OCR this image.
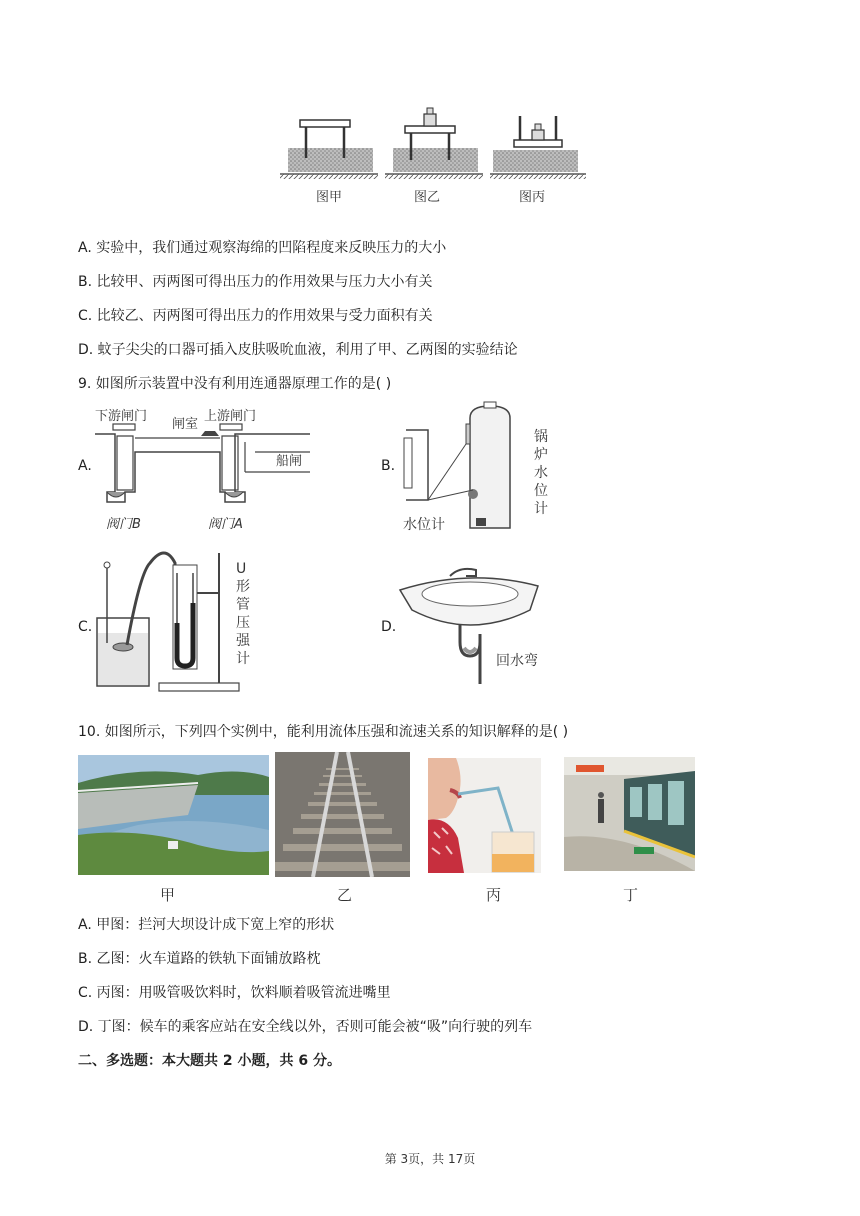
图甲	图乙	图丙
A. 实验中，我们通过观察海绵的凹陷程度来反映压力的大小
B. 比较甲、丙两图可得出压力的作用效果与压力大小有关
C. 比较乙、丙两图可得出压力的作用效果与受力面积有关
D. 蚊子尖尖的口器可插入皮肤吸吮血液，利用了甲、乙两图的实验结论
9. 如图所示装置中没有利用连通器原理工作的是( )
A.
下游闸门
闸室
上游闸门
船闸
阀门B	阀门A
B.
锅
炉
水
位
计
水位计
C.
U
形
管
压
强
计
D.
回水弯
10. 如图所示，下列四个实例中，能利用流体压强和流速关系的知识解释的是( )
甲	乙	丙	丁
A. 甲图：拦河大坝设计成下宽上窄的形状
B. 乙图：火车道路的铁轨下面铺放路枕
C. 丙图：用吸管吸饮料时，饮料顺着吸管流进嘴里
D. 丁图：候车的乘客应站在安全线以外，否则可能会被“吸”向行驶的列车
二、多选题：本大题共 2 小题，共 6 分。
第 3页，共 17页
